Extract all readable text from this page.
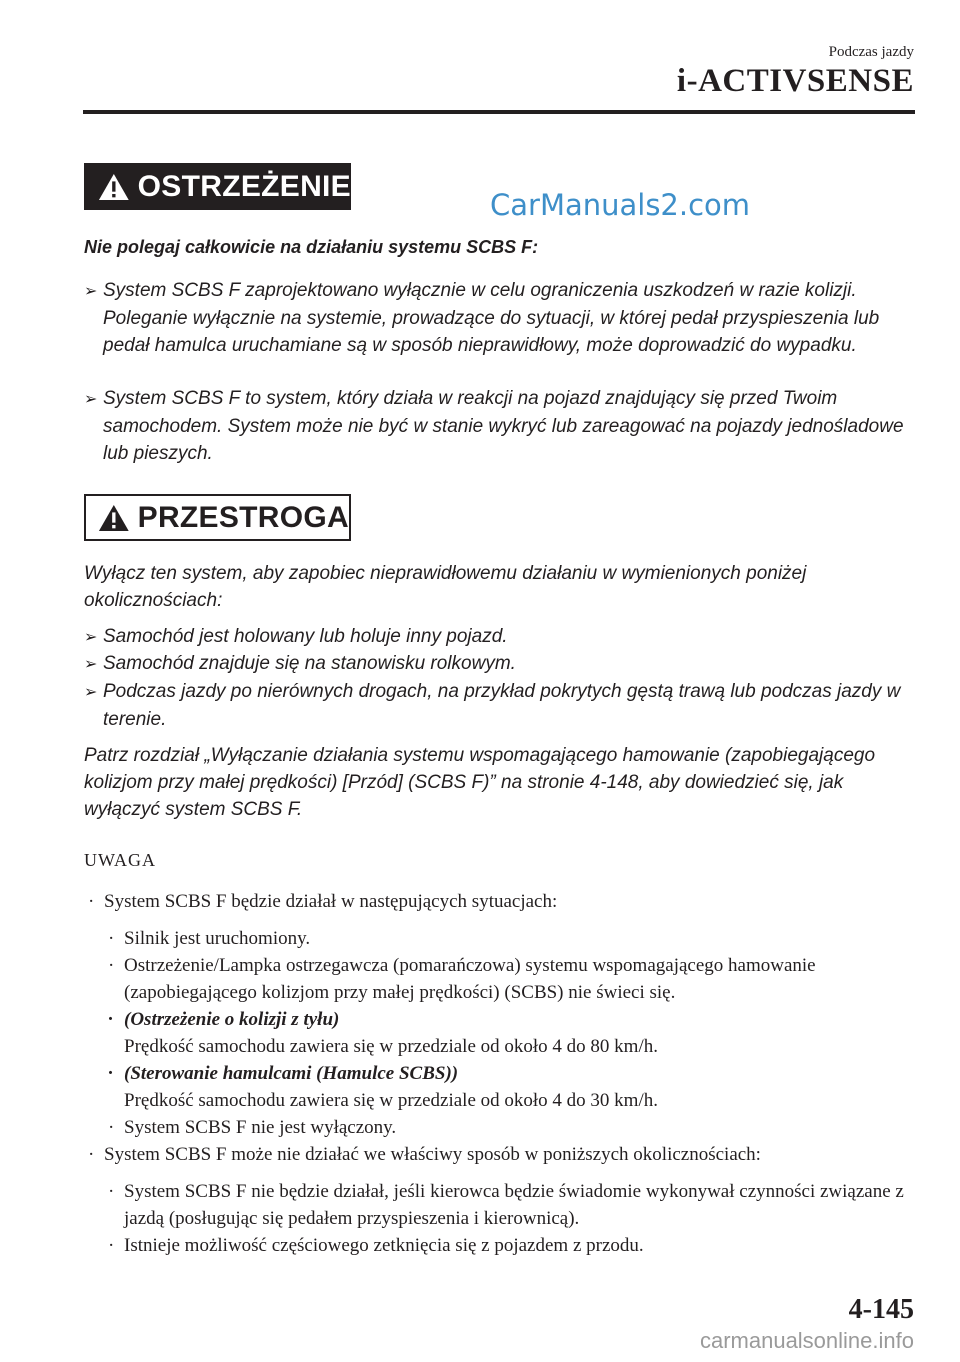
Podczas jazdy
i-ACTIVSENSE
OSTRZEŻENIE
CarManuals2.com

Nie polegaj całkowicie na działaniu systemu SCBS F:

➢ System SCBS F zaprojektowano wyłącznie w celu ograniczenia uszkodzeń w razie kolizji. Poleganie wyłącznie na systemie, prowadzące do sytuacji, w której pedał przyspieszenia lub pedał hamulca uruchamiane są w sposób nieprawidłowy, może doprowadzić do wypadku.

➢ System SCBS F to system, który działa w reakcji na pojazd znajdujący się przed Twoim samochodem. System może nie być w stanie wykryć lub zareagować na pojazdy jednośladowe lub pieszych.

PRZESTROGA

Wyłącz ten system, aby zapobiec nieprawidłowemu działaniu w wymienionych poniżej okolicznościach:

➢ Samochód jest holowany lub holuje inny pojazd.

➢ Samochód znajduje się na stanowisku rolkowym.

➢ Podczas jazdy po nierównych drogach, na przykład pokrytych gęstą trawą lub podczas jazdy w terenie.

Patrz rozdział „Wyłączanie działania systemu wspomagającego hamowanie (zapobiegającego kolizjom przy małej prędkości) [Przód] (SCBS F)” na stronie 4-148, aby dowiedzieć się, jak wyłączyć system SCBS F.

UWAGA

· System SCBS F będzie działał w następujących sytuacjach:

· Silnik jest uruchomiony.

· Ostrzeżenie/Lampka ostrzegawcza (pomarańczowa) systemu wspomagającego hamowanie (zapobiegającego kolizjom przy małej prędkości) (SCBS) nie świeci się.

· (Ostrzeżenie o kolizji z tyłu)

Prędkość samochodu zawiera się w przedziale od około 4 do 80 km/h.

· (Sterowanie hamulcami (Hamulce SCBS))

Prędkość samochodu zawiera się w przedziale od około 4 do 30 km/h.

· System SCBS F nie jest wyłączony.

· System SCBS F może nie działać we właściwy sposób w poniższych okolicznościach:

· System SCBS F nie będzie działał, jeśli kierowca będzie świadomie wykonywał czynności związane z jazdą (posługując się pedałem przyspieszenia i kierownicą).

· Istnieje możliwość częściowego zetknięcia się z pojazdem z przodu.

4-145
carmanualsonline.info
